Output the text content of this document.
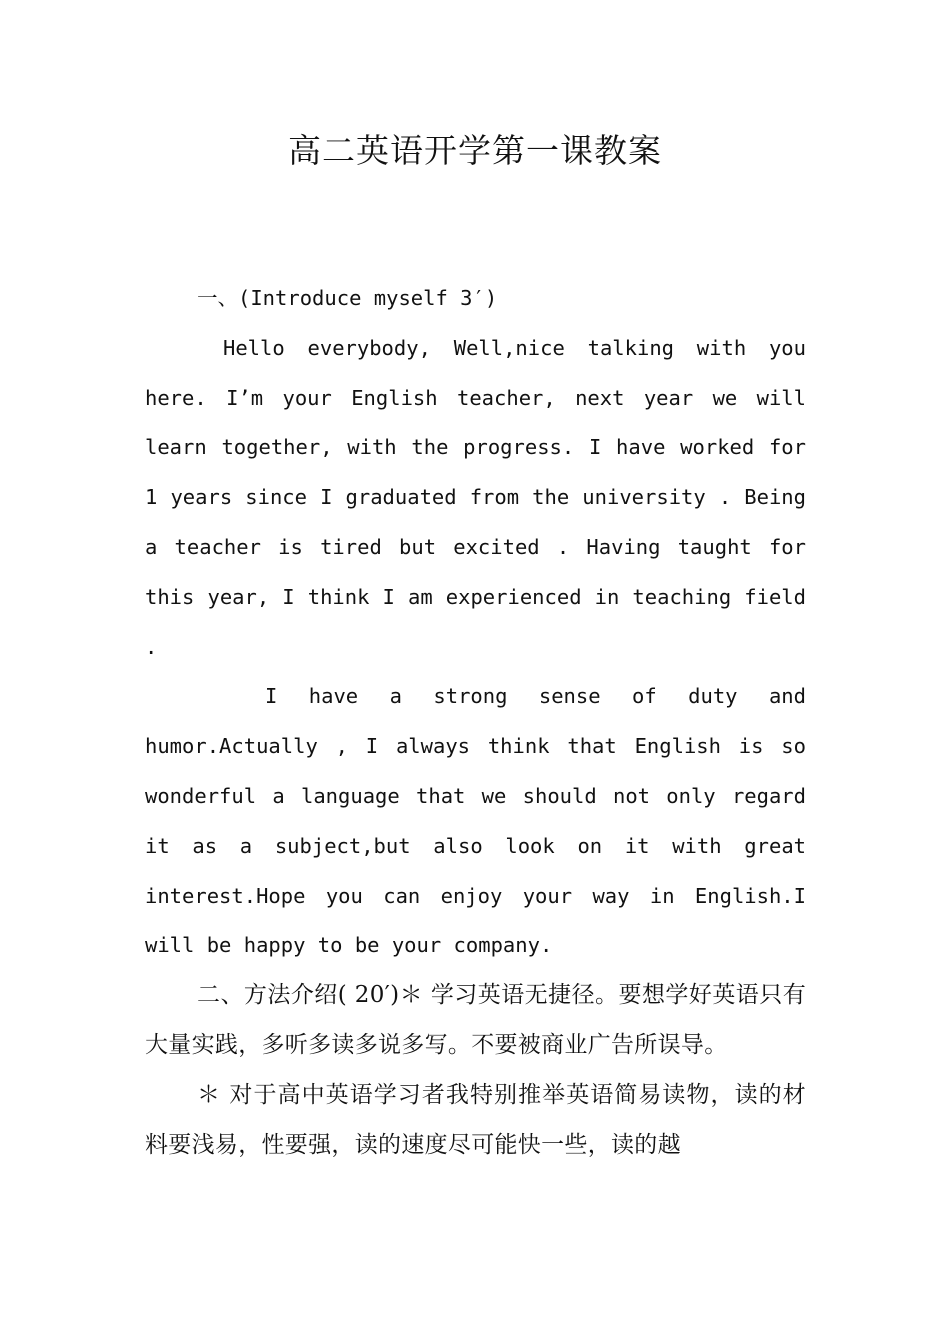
高二英语开学第一课教案

一、(Introduce myself 3′)

Hello everybody, Well,nice talking with you here. I’m your English teacher, next year we will learn together, with the progress. I have worked for 1 years since I graduated from the university . Being a teacher is tired but excited . Having taught for this year, I think I am experienced in teaching field .

I have a strong sense of duty and humor.Actually , I always think that English is so wonderful a language that we should not only regard it as a subject,but also look on it with great interest.Hope you can enjoy your way in English.I will be happy to be your company.

二、方法介绍( 20′)＊ 学习英语无捷径。要想学好英语只有大量实践，多听多读多说多写。不要被商业广告所误导。

＊ 对于高中英语学习者我特别推举英语简易读物，读的材料要浅易，性要强，读的速度尽可能快一些，读的越
